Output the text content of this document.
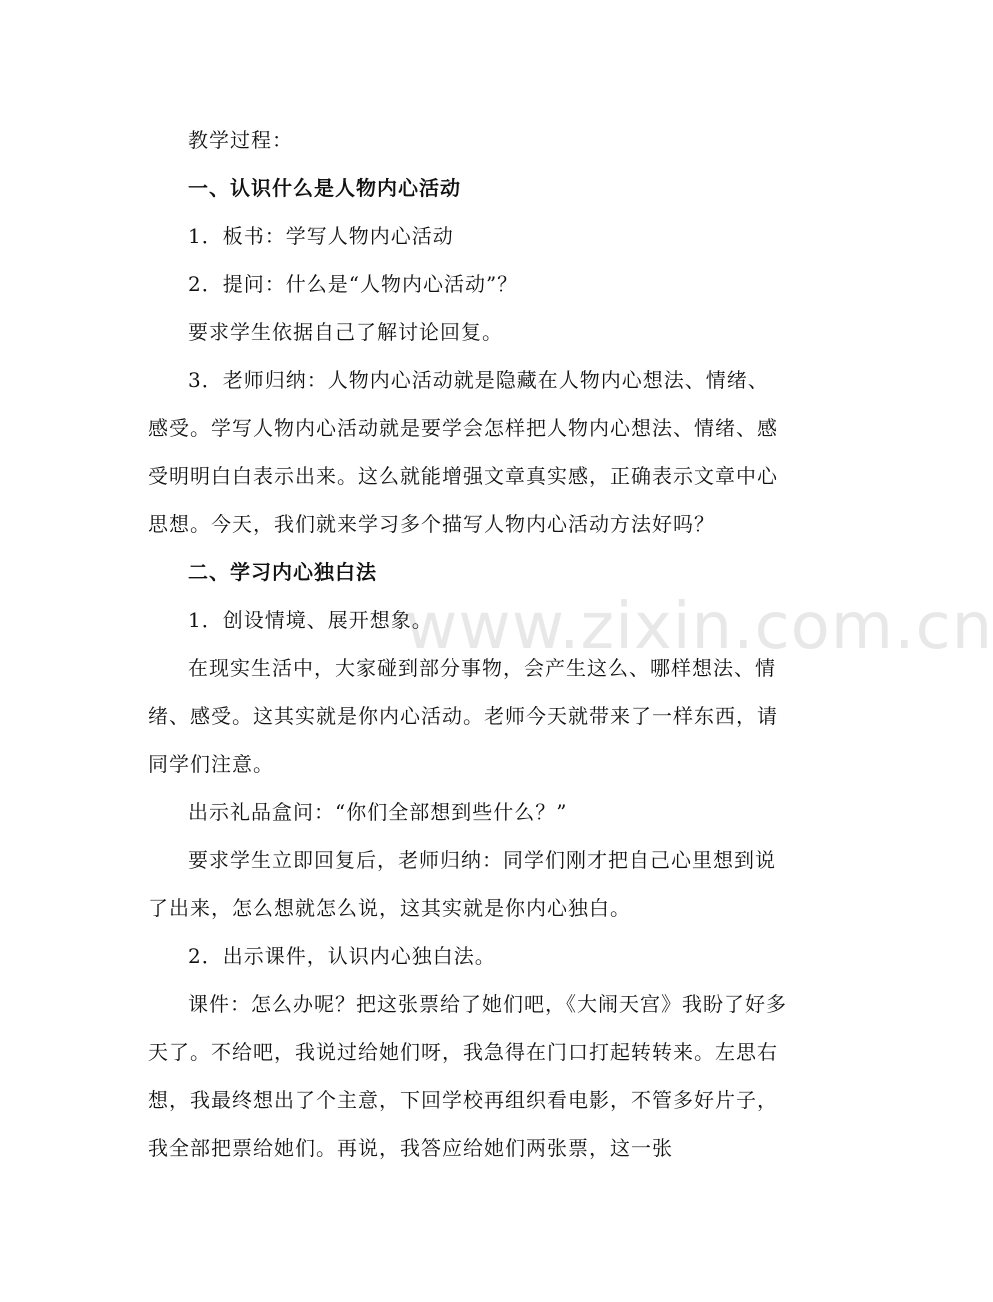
www.zixin.com.cn

教学过程：

一、认识什么是人物内心活动

1．板书：学写人物内心活动

2．提问：什么是“人物内心活动”？

要求学生依据自己了解讨论回复。

3．老师归纳：人物内心活动就是隐藏在人物内心想法、情绪、感受。学写人物内心活动就是要学会怎样把人物内心想法、情绪、感受明明白白表示出来。这么就能增强文章真实感，正确表示文章中心思想。今天，我们就来学习多个描写人物内心活动方法好吗？

二、学习内心独白法

1．创设情境、展开想象。

在现实生活中，大家碰到部分事物，会产生这么、哪样想法、情绪、感受。这其实就是你内心活动。老师今天就带来了一样东西，请同学们注意。

出示礼品盒问：“你们全部想到些什么？”

要求学生立即回复后，老师归纳：同学们刚才把自己心里想到说了出来，怎么想就怎么说，这其实就是你内心独白。

2．出示课件，认识内心独白法。

课件：怎么办呢？把这张票给了她们吧，《大闹天宫》我盼了好多天了。不给吧，我说过给她们呀，我急得在门口打起转转来。左思右想，我最终想出了个主意，下回学校再组织看电影，不管多好片子，我全部把票给她们。再说，我答应给她们两张票，这一张
